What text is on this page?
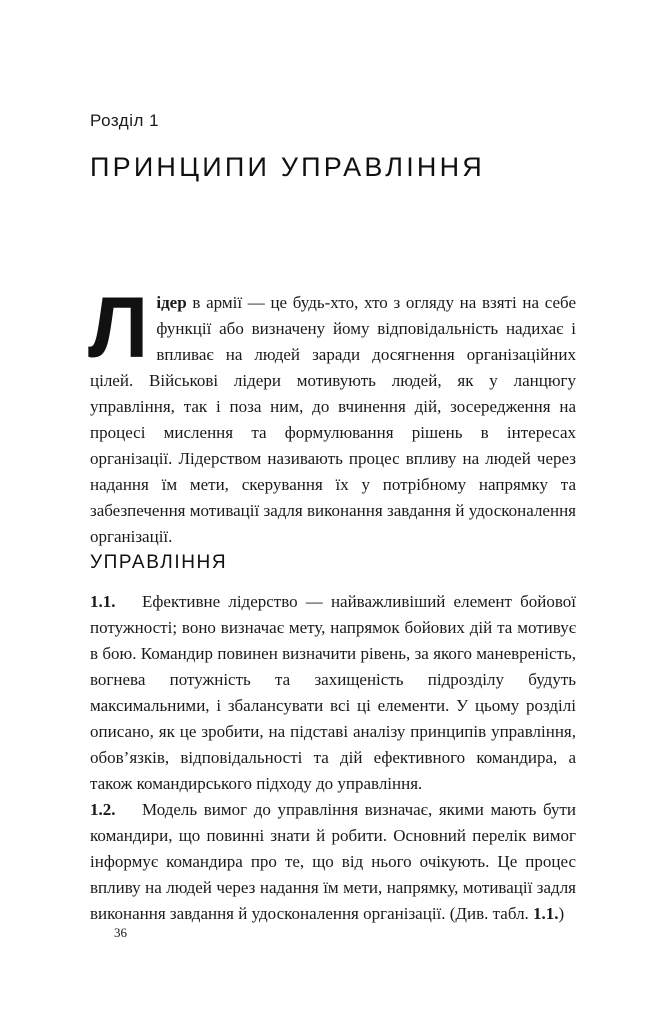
Розділ 1
ПРИНЦИПИ УПРАВЛІННЯ
Лідер в армії — це будь-хто, хто з огляду на взяті на себе функції або визначену йому відповідальність надихає і впливає на людей заради досягнення організаційних цілей. Військові лідери мотивують людей, як у ланцюгу управління, так і поза ним, до вчинення дій, зосередження на процесі мислення та формулювання рішень в інтересах організації. Лідерством називають процес впливу на людей через надання їм мети, скерування їх у потрібному напрямку та забезпечення мотивації задля виконання завдання й удосконалення організації.
УПРАВЛІННЯ

1.1. Ефективне лідерство — найважливіший елемент бойової потужності; воно визначає мету, напрямок бойових дій та мотивує в бою. Командир повинен визначити рівень, за якого маневреність, вогнева потужність та захищеність підрозділу будуть максимальними, і збалансувати всі ці елементи. У цьому розділі описано, як це зробити, на підставі аналізу принципів управління, обов’язків, відповідальності та дій ефективного командира, а також командирського підходу до управління.

1.2. Модель вимог до управління визначає, якими мають бути командири, що повинні знати й робити. Основний перелік вимог інформує командира про те, що від нього очікують. Це процес впливу на людей через надання їм мети, напрямку, мотивації задля виконання завдання й удосконалення організації. (Див. табл. 1.1.)

36
